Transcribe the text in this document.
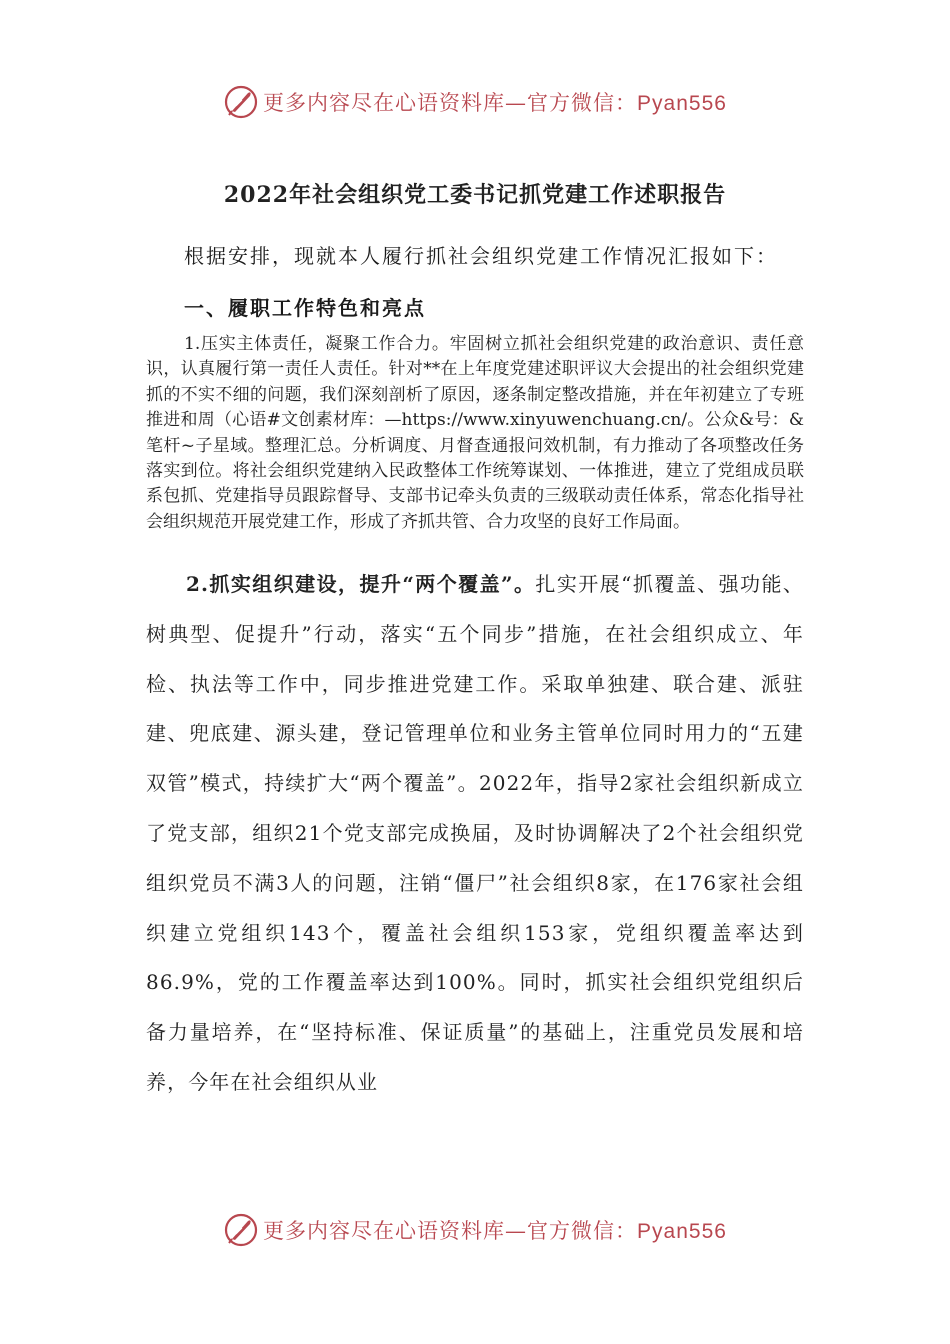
更多内容尽在心语资料库—官方微信：Pyan556
2022年社会组织党工委书记抓党建工作述职报告
根据安排，现就本人履行抓社会组织党建工作情况汇报如下：
一、履职工作特色和亮点

1.压实主体责任，凝聚工作合力。牢固树立抓社会组织党建的政治意识、责任意识，认真履行第一责任人责任。针对**在上年度党建述职评议大会提出的社会组织党建抓的不实不细的问题，我们深刻剖析了原因，逐条制定整改措施，并在年初建立了专班推进和周（心语#文创素材库：—https://www.xinyuwenchuang.cn/。公众&号：&笔杆~子星域。整理汇总。分析调度、月督查通报问效机制，有力推动了各项整改任务落实到位。将社会组织党建纳入民政整体工作统筹谋划、一体推进，建立了党组成员联系包抓、党建指导员跟踪督导、支部书记牵头负责的三级联动责任体系，常态化指导社会组织规范开展党建工作，形成了齐抓共管、合力攻坚的良好工作局面。

2.抓实组织建设，提升“两个覆盖”。扎实开展“抓覆盖、强功能、树典型、促提升”行动，落实“五个同步”措施，在社会组织成立、年检、执法等工作中，同步推进党建工作。采取单独建、联合建、派驻建、兜底建、源头建，登记管理单位和业务主管单位同时用力的“五建双管”模式，持续扩大“两个覆盖”。2022年，指导2家社会组织新成立了党支部，组织21个党支部完成换届，及时协调解决了2个社会组织党组织党员不满3人的问题，注销“僵尸”社会组织8家，在176家社会组织建立党组织143个，覆盖社会组织153家，党组织覆盖率达到86.9%，党的工作覆盖率达到100%。同时，抓实社会组织党组织后备力量培养，在“坚持标准、保证质量”的基础上，注重党员发展和培养，今年在社会组织从业

更多内容尽在心语资料库—官方微信：Pyan556
